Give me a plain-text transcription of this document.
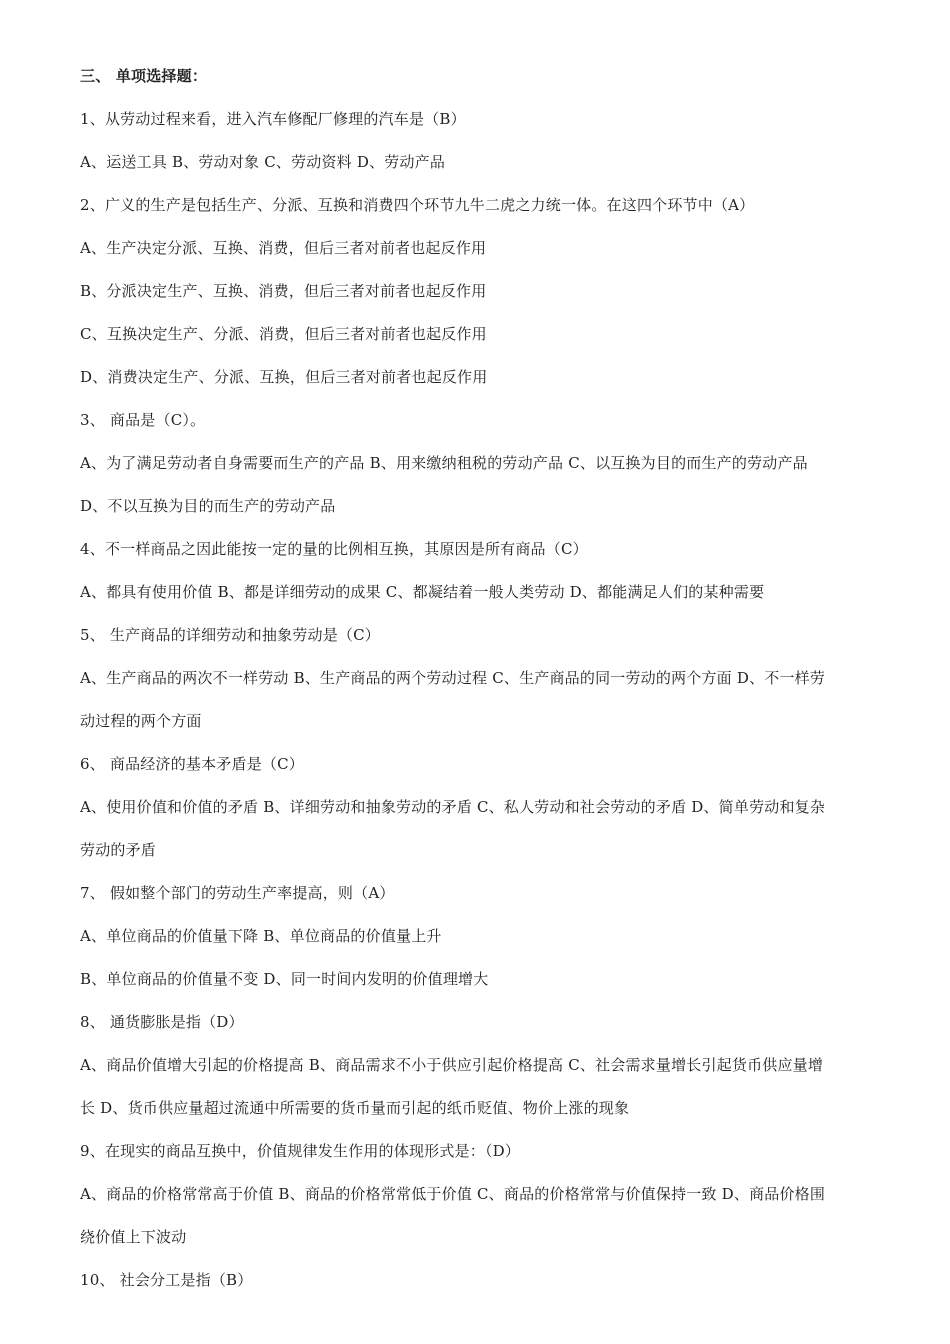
三、 单项选择题：
1、从劳动过程来看，进入汽车修配厂修理的汽车是（B）
A、运送工具 B、劳动对象 C、劳动资料 D、劳动产品
2、广义的生产是包括生产、分派、互换和消费四个环节九牛二虎之力统一体。在这四个环节中（A）
A、生产决定分派、互换、消费，但后三者对前者也起反作用
B、分派决定生产、互换、消费，但后三者对前者也起反作用
C、互换决定生产、分派、消费，但后三者对前者也起反作用
D、消费决定生产、分派、互换，但后三者对前者也起反作用
3、 商品是（C）。
A、为了满足劳动者自身需要而生产的产品 B、用来缴纳租税的劳动产品 C、以互换为目的而生产的劳动产品
D、不以互换为目的而生产的劳动产品
4、不一样商品之因此能按一定的量的比例相互换，其原因是所有商品（C）
A、都具有使用价值 B、都是详细劳动的成果 C、都凝结着一般人类劳动 D、都能满足人们的某种需要
5、 生产商品的详细劳动和抽象劳动是（C）
A、生产商品的两次不一样劳动 B、生产商品的两个劳动过程 C、生产商品的同一劳动的两个方面 D、不一样劳
动过程的两个方面
6、 商品经济的基本矛盾是（C）
A、使用价值和价值的矛盾 B、详细劳动和抽象劳动的矛盾 C、私人劳动和社会劳动的矛盾 D、简单劳动和复杂
劳动的矛盾
7、 假如整个部门的劳动生产率提高，则（A）
A、单位商品的价值量下降 B、单位商品的价值量上升
B、单位商品的价值量不变 D、同一时间内发明的价值理增大
8、 通货膨胀是指（D）
A、商品价值增大引起的价格提高 B、商品需求不小于供应引起价格提高 C、社会需求量增长引起货币供应量增
长 D、货币供应量超过流通中所需要的货币量而引起的纸币贬值、物价上涨的现象
9、在现实的商品互换中，价值规律发生作用的体现形式是：（D）
A、商品的价格常常高于价值 B、商品的价格常常低于价值 C、商品的价格常常与价值保持一致 D、商品价格围
绕价值上下波动
10、 社会分工是指（B）
